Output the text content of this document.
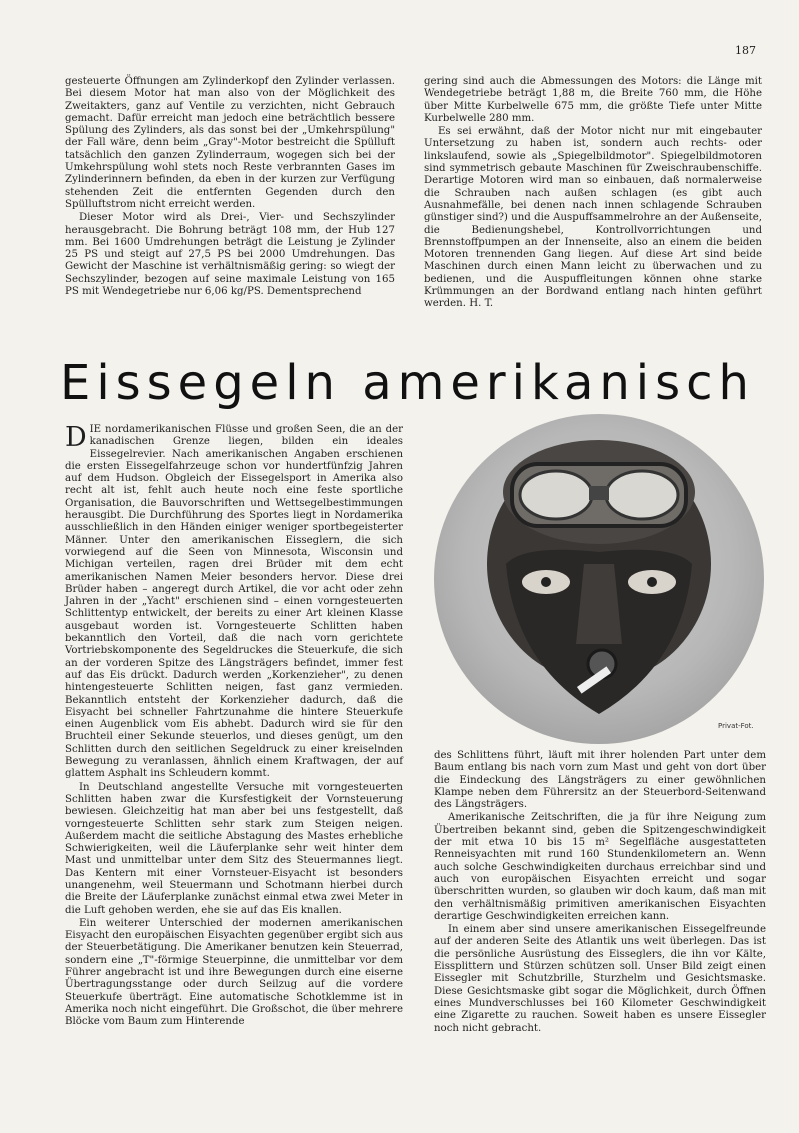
187

gesteuerte Öffnungen am Zylinderkopf den Zylinder verlassen. Bei diesem Motor hat man also von der Möglichkeit des Zweitakters, ganz auf Ventile zu verzichten, nicht Gebrauch gemacht. Dafür erreicht man jedoch eine beträchtlich bessere Spülung des Zylinders, als das sonst bei der „Umkehrspülung" der Fall wäre, denn beim „Gray"-Motor bestreicht die Spülluft tatsächlich den ganzen Zylinderraum, wogegen sich bei der Umkehrspülung wohl stets noch Reste verbrannten Gases im Zylinderinnern befinden, da eben in der kurzen zur Verfügung stehenden Zeit die entfernten Gegenden durch den Spülluftstrom nicht erreicht werden.

Dieser Motor wird als Drei-, Vier- und Sechszylinder herausgebracht. Die Bohrung beträgt 108 mm, der Hub 127 mm. Bei 1600 Umdrehungen beträgt die Leistung je Zylinder 25 PS und steigt auf 27,5 PS bei 2000 Umdrehungen. Das Gewicht der Maschine ist verhältnismäßig gering: so wiegt der Sechszylinder, bezogen auf seine maximale Leistung von 165 PS mit Wendegetriebe nur 6,06 kg/PS. Dementsprechend

gering sind auch die Abmessungen des Motors: die Länge mit Wendegetriebe beträgt 1,88 m, die Breite 760 mm, die Höhe über Mitte Kurbelwelle 675 mm, die größte Tiefe unter Mitte Kurbelwelle 280 mm.

Es sei erwähnt, daß der Motor nicht nur mit eingebauter Untersetzung zu haben ist, sondern auch rechts- oder linkslaufend, sowie als „Spiegelbildmotor". Spiegelbildmotoren sind symmetrisch gebaute Maschinen für Zweischraubenschiffe. Derartige Motoren wird man so einbauen, daß normalerweise die Schrauben nach außen schlagen (es gibt auch Ausnahmefälle, bei denen nach innen schlagende Schrauben günstiger sind?) und die Auspuffsammelrohre an der Außenseite, die Bedienungshebel, Kontrollvorrichtungen und Brennstoffpumpen an der Innenseite, also an einem die beiden Motoren trennenden Gang liegen. Auf diese Art sind beide Maschinen durch einen Mann leicht zu überwachen und zu bedienen, und die Auspuffleitungen können ohne starke Krümmungen an der Bordwand entlang nach hinten geführt werden. H. T.

Eissegeln amerikanisch

DIE nordamerikanischen Flüsse und großen Seen, die an der kanadischen Grenze liegen, bilden ein ideales Eissegelrevier. Nach amerikanischen Angaben erschienen die ersten Eissegelfahrzeuge schon vor hundertfünfzig Jahren auf dem Hudson. Obgleich der Eissegelsport in Amerika also recht alt ist, fehlt auch heute noch eine feste sportliche Organisation, die Bauvorschriften und Wettsegelbestimmungen herausgibt. Die Durchführung des Sportes liegt in Nordamerika ausschließlich in den Händen einiger weniger sportbegeisterter Männer. Unter den amerikanischen Eisseglern, die sich vorwiegend auf die Seen von Minnesota, Wisconsin und Michigan verteilen, ragen drei Brüder mit dem echt amerikanischen Namen Meier besonders hervor. Diese drei Brüder haben – angeregt durch Artikel, die vor acht oder zehn Jahren in der „Yacht" erschienen sind – einen vorngesteuerten Schlittentyp entwickelt, der bereits zu einer Art kleinen Klasse ausgebaut worden ist. Vorngesteuerte Schlitten haben bekanntlich den Vorteil, daß die nach vorn gerichtete Vortriebskomponente des Segeldruckes die Steuerkufe, die sich an der vorderen Spitze des Längsträgers befindet, immer fest auf das Eis drückt. Dadurch werden „Korkenzieher", zu denen hintengesteuerte Schlitten neigen, fast ganz vermieden. Bekanntlich entsteht der Korkenzieher dadurch, daß die Eisyacht bei schneller Fahrtzunahme die hintere Steuerkufe einen Augenblick vom Eis abhebt. Dadurch wird sie für den Bruchteil einer Sekunde steuerlos, und dieses genügt, um den Schlitten durch den seitlichen Segeldruck zu einer kreiselnden Bewegung zu veranlassen, ähnlich einem Kraftwagen, der auf glattem Asphalt ins Schleudern kommt.

In Deutschland angestellte Versuche mit vorngesteuerten Schlitten haben zwar die Kursfestigkeit der Vornsteuerung bewiesen. Gleichzeitig hat man aber bei uns festgestellt, daß vorngesteuerte Schlitten sehr stark zum Steigen neigen. Außerdem macht die seitliche Abstagung des Mastes erhebliche Schwierigkeiten, weil die Läuferplanke sehr weit hinter dem Mast und unmittelbar unter dem Sitz des Steuermannes liegt. Das Kentern mit einer Vornsteuer-Eisyacht ist besonders unangenehm, weil Steuermann und Schotmann hierbei durch die Breite der Läuferplanke zunächst einmal etwa zwei Meter in die Luft gehoben werden, ehe sie auf das Eis knallen.

Ein weiterer Unterschied der modernen amerikanischen Eisyacht den europäischen Eisyachten gegenüber ergibt sich aus der Steuerbetätigung. Die Amerikaner benutzen kein Steuerrad, sondern eine „T"-förmige Steuerpinne, die unmittelbar vor dem Führer angebracht ist und ihre Bewegungen durch eine eiserne Übertragungsstange oder durch Seilzug auf die vordere Steuerkufe überträgt. Eine automatische Schotklemme ist in Amerika noch nicht eingeführt. Die Großschot, die über mehrere Blöcke vom Baum zum Hinterende

Privat-Fot.

des Schlittens führt, läuft mit ihrer holenden Part unter dem Baum entlang bis nach vorn zum Mast und geht von dort über die Eindeckung des Längsträgers zu einer gewöhnlichen Klampe neben dem Führersitz an der Steuerbord-Seitenwand des Längsträgers.

Amerikanische Zeitschriften, die ja für ihre Neigung zum Übertreiben bekannt sind, geben die Spitzengeschwindigkeit der mit etwa 10 bis 15 m² Segelfläche ausgestatteten Renneisyachten mit rund 160 Stundenkilometern an. Wenn auch solche Geschwindigkeiten durchaus erreichbar sind und auch von europäischen Eisyachten erreicht und sogar überschritten wurden, so glauben wir doch kaum, daß man mit den verhältnismäßig primitiven amerikanischen Eisyachten derartige Geschwindigkeiten erreichen kann.

In einem aber sind unsere amerikanischen Eissegelfreunde auf der anderen Seite des Atlantik uns weit überlegen. Das ist die persönliche Ausrüstung des Eisseglers, die ihn vor Kälte, Eissplittern und Stürzen schützen soll. Unser Bild zeigt einen Eissegler mit Schutzbrille, Sturzhelm und Gesichtsmaske. Diese Gesichtsmaske gibt sogar die Möglichkeit, durch Öffnen eines Mundverschlusses bei 160 Kilometer Geschwindigkeit eine Zigarette zu rauchen. Soweit haben es unsere Eissegler noch nicht gebracht.
